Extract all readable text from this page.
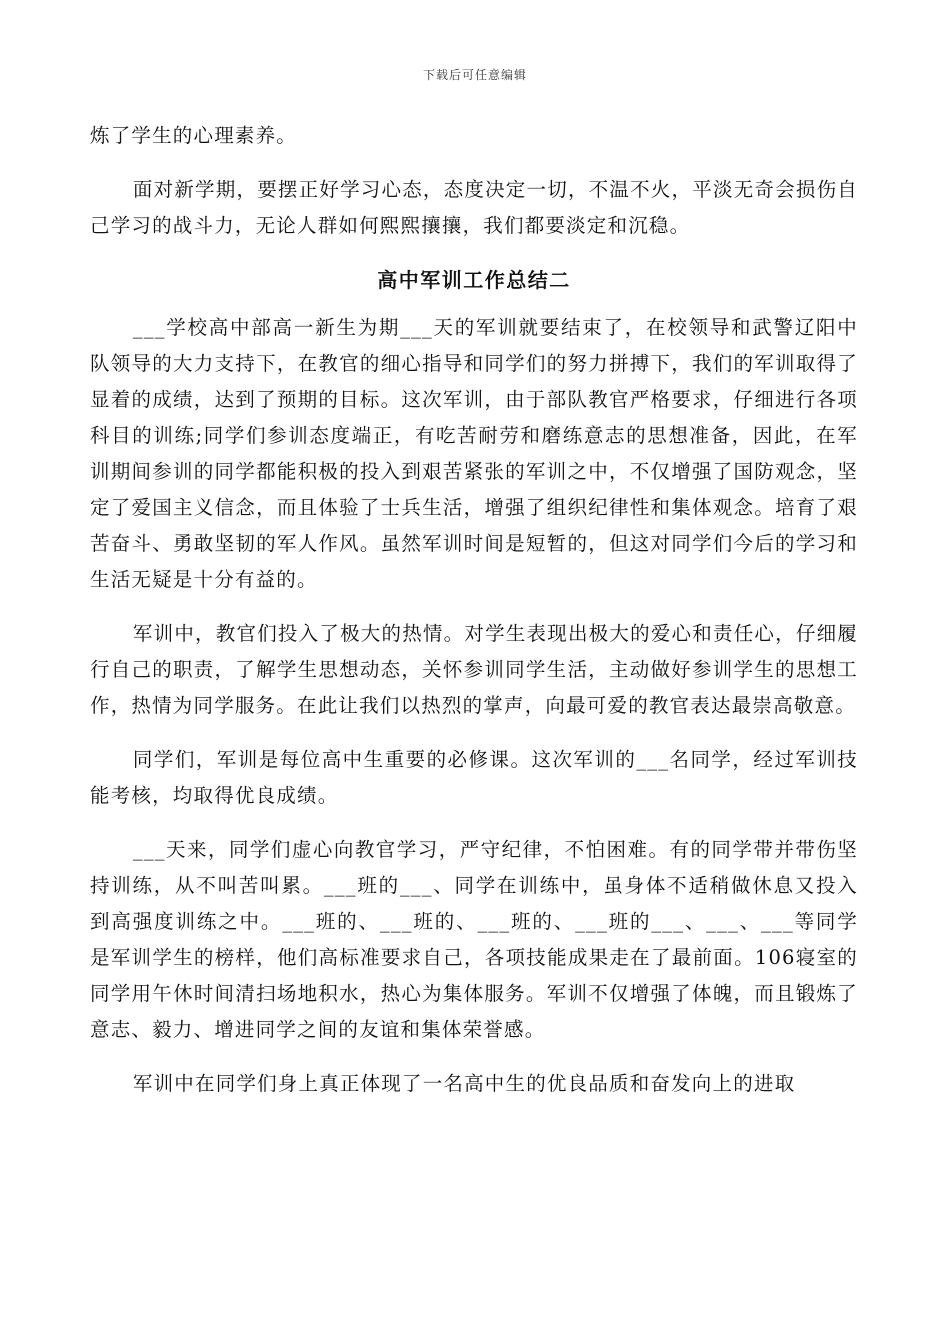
下载后可任意编辑

炼了学生的心理素养。

面对新学期，要摆正好学习心态，态度决定一切，不温不火，平淡无奇会损伤自己学习的战斗力，无论人群如何熙熙攘攘，我们都要淡定和沉稳。

高中军训工作总结二

___学校高中部高一新生为期___天的军训就要结束了，在校领导和武警辽阳中队领导的大力支持下，在教官的细心指导和同学们的努力拼搏下，我们的军训取得了显着的成绩，达到了预期的目标。这次军训，由于部队教官严格要求，仔细进行各项科目的训练;同学们参训态度端正，有吃苦耐劳和磨练意志的思想准备，因此，在军训期间参训的同学都能积极的投入到艰苦紧张的军训之中，不仅增强了国防观念，坚定了爱国主义信念，而且体验了士兵生活，增强了组织纪律性和集体观念。培育了艰苦奋斗、勇敢坚韧的军人作风。虽然军训时间是短暂的，但这对同学们今后的学习和生活无疑是十分有益的。

军训中，教官们投入了极大的热情。对学生表现出极大的爱心和责任心，仔细履行自己的职责，了解学生思想动态，关怀参训同学生活，主动做好参训学生的思想工作，热情为同学服务。在此让我们以热烈的掌声，向最可爱的教官表达最崇高敬意。

同学们，军训是每位高中生重要的必修课。这次军训的___名同学，经过军训技能考核，均取得优良成绩。

___天来，同学们虚心向教官学习，严守纪律，不怕困难。有的同学带并带伤坚持训练，从不叫苦叫累。___班的___、同学在训练中，虽身体不适稍做休息又投入到高强度训练之中。___班的、___班的、___班的、___班的___、___、___等同学是军训学生的榜样，他们高标准要求自己，各项技能成果走在了最前面。106寝室的同学用午休时间清扫场地积水，热心为集体服务。军训不仅增强了体魄，而且锻炼了意志、毅力、增进同学之间的友谊和集体荣誉感。

军训中在同学们身上真正体现了一名高中生的优良品质和奋发向上的进取
